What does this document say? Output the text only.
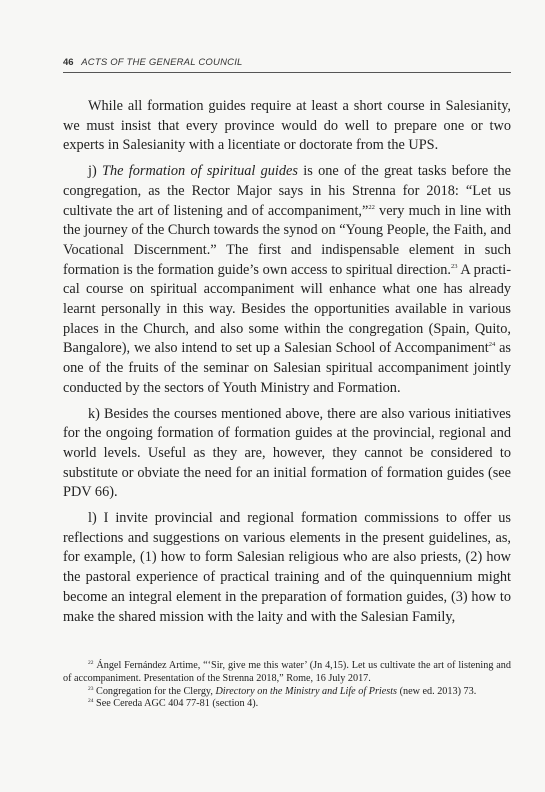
46 ACTS OF THE GENERAL COUNCIL

While all formation guides require at least a short course in Salesianity, we must insist that every province would do well to prepare one or two experts in Salesianity with a licentiate or doctorate from the UPS.

j) The formation of spiritual guides is one of the great tasks before the congregation, as the Rector Major says in his Strenna for 2018: “Let us cultivate the art of listening and of accompaniment,”$^{22}$ very much in line with the journey of the Church towards the synod on “Young People, the Faith, and Vocational Discernment.” The first and indispensable element in such formation is the formation guide’s own access to spiritual direction.$^{23}$ A practical course on spiritual accompaniment will enhance what one has already learnt personally in this way. Besides the opportunities available in various places in the Church, and also some within the congregation (Spain, Quito, Bangalore), we also intend to set up a Salesian School of Accompaniment$^{24}$ as one of the fruits of the seminar on Salesian spiritual accompaniment jointly conducted by the sectors of Youth Ministry and Formation.

k) Besides the courses mentioned above, there are also various initiatives for the ongoing formation of formation guides at the provincial, regional and world levels. Useful as they are, however, they cannot be considered to substitute or obviate the need for an initial formation of formation guides (see PDV 66).

l) I invite provincial and regional formation commissions to offer us reflections and suggestions on various elements in the present guidelines, as, for example, (1) how to form Salesian religious who are also priests, (2) how the pastoral experience of practical training and of the quinquennium might become an integral element in the preparation of formation guides, (3) how to make the shared mission with the laity and with the Salesian Family,

$^{22}$ Ángel Fernández Artime, “‘Sir, give me this water’ (Jn 4,15). Let us cultivate the art of listening and of accompaniment. Presentation of the Strenna 2018,” Rome, 16 July 2017.

$^{23}$ Congregation for the Clergy, Directory on the Ministry and Life of Priests (new ed. 2013) 73.

$^{24}$ See Cereda AGC 404 77-81 (section 4).
